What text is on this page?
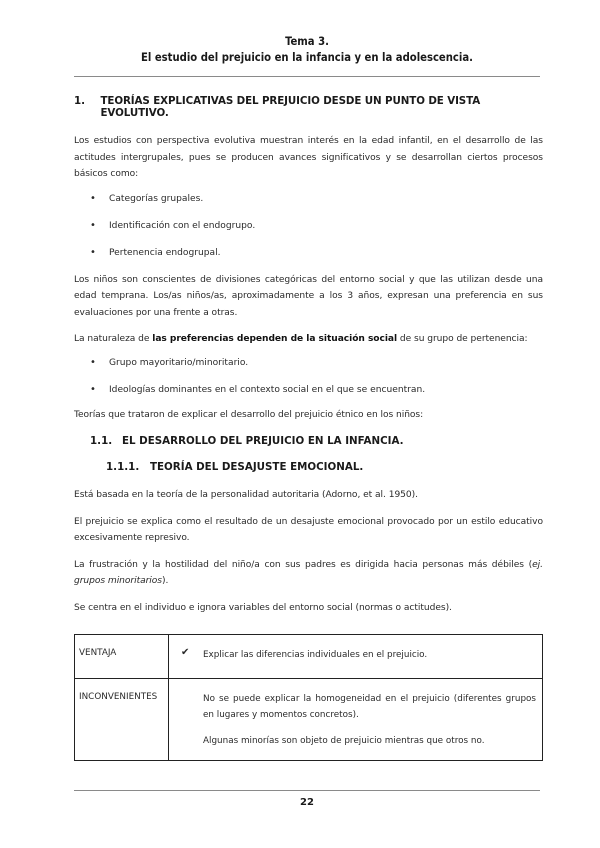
Tema 3.
El estudio del prejuicio en la infancia y en la adolescencia.
1.	TEORÍAS EXPLICATIVAS DEL PREJUICIO DESDE UN PUNTO DE VISTA EVOLUTIVO.

Los estudios con perspectiva evolutiva muestran interés en la edad infantil, en el desarrollo de las actitudes intergrupales, pues se producen avances significativos y se desarrollan ciertos procesos básicos como:

• Categorías grupales.
• Identificación con el endogrupo.
• Pertenencia endogrupal.

Los niños son conscientes de divisiones categóricas del entorno social y que las utilizan desde una edad temprana. Los/as niños/as, aproximadamente a los 3 años, expresan una preferencia en sus evaluaciones por una frente a otras.

La naturaleza de las preferencias dependen de la situación social de su grupo de pertenencia:

• Grupo mayoritario/minoritario.
• Ideologías dominantes en el contexto social en el que se encuentran.

Teorías que trataron de explicar el desarrollo del prejuicio étnico en los niños:

1.1. EL DESARROLLO DEL PREJUICIO EN LA INFANCIA.
1.1.1.	TEORÍA DEL DESAJUSTE EMOCIONAL.

Está basada en la teoría de la personalidad autoritaria (Adorno, et al. 1950).

El prejuicio se explica como el resultado de un desajuste emocional provocado por un estilo educativo excesivamente represivo.

La frustración y la hostilidad del niño/a con sus padres es dirigida hacia personas más débiles (ej. grupos minoritarios).

Se centra en el individuo e ignora variables del entorno social (normas o actitudes).

VENTAJA	✔ Explicar las diferencias individuales en el prejuicio.

INCONVENIENTES	No se puede explicar la homogeneidad en el prejuicio (diferentes grupos en lugares y momentos concretos).
Algunas minorías son objeto de prejuicio mientras que otros no.
22
